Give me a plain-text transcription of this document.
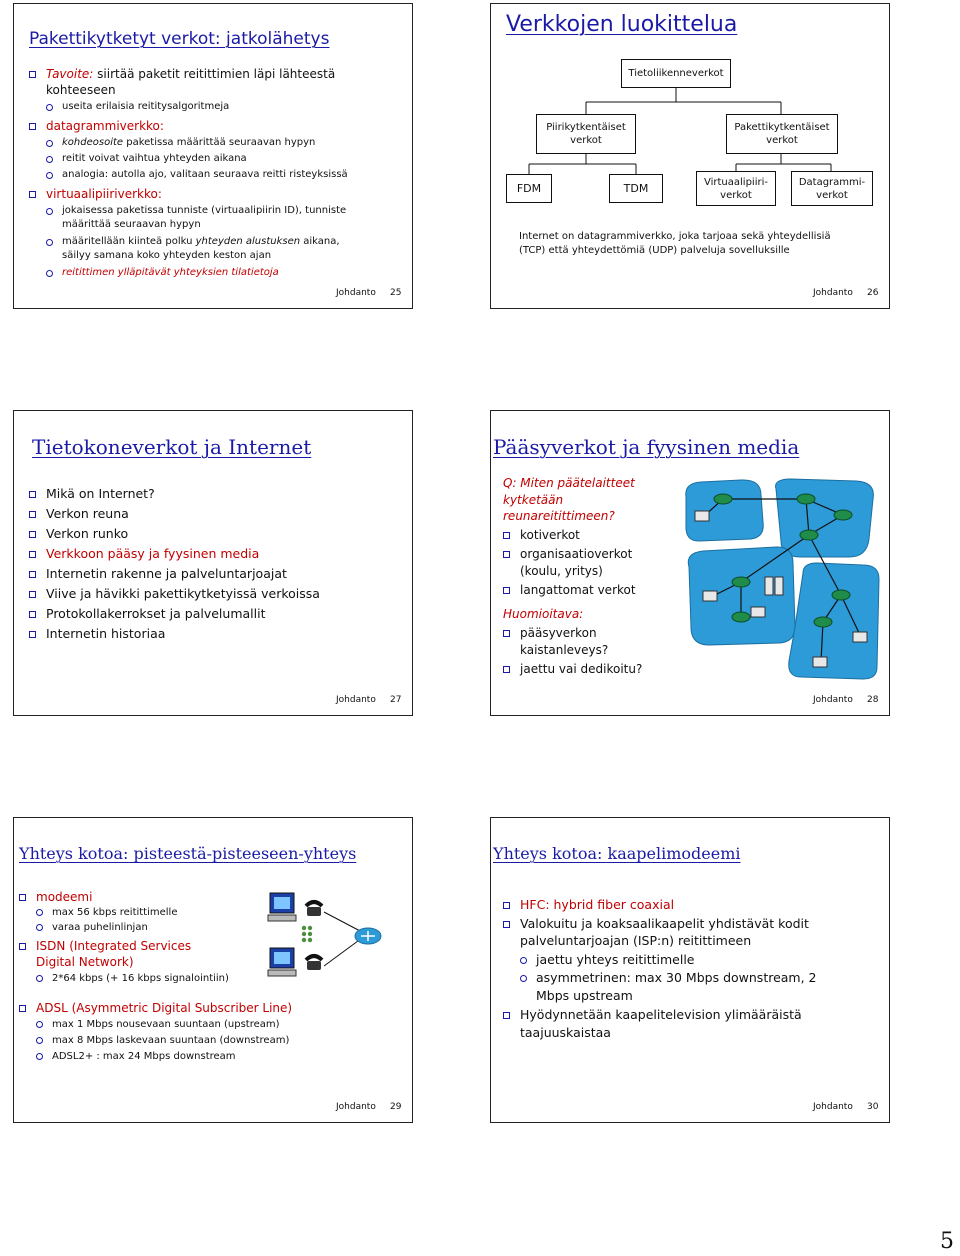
Pakettikytketyt verkot: jatkolähetys
Tavoite: siirtää paketit reitittimien läpi lähteestä kohteeseen
useita erilaisia reititysalgoritmeja
datagrammiverkko:
kohdeosoite paketissa määrittää seuraavan hypyn
reitit voivat vaihtua yhteyden aikana
analogia: autolla ajo, valitaan seuraava reitti risteyksissä
virtuaalipiiriverkko:
jokaisessa paketissa tunniste (virtuaalipiirin ID), tunniste määrittää seuraavan hypyn
määritellään kiinteä polku yhteyden alustuksen aikana, säilyy samana koko yhteyden keston ajan
reitittimen ylläpitävät yhteyksien tilatietoja
Johdanto 25
Verkkojen luokittelua
Tietoliikenneverkot
Piirikytkentäiset verkot
Pakettikytkentäiset verkot
FDM	TDM	Virtuaalipiiri-verkot
Datagrammi-verkot
Internet on datagrammiverkko, joka tarjoaa sekä yhteydellisiä (TCP) että yhteydettömiä (UDP) palveluja sovelluksille
Johdanto 26
Tietokoneverkot ja Internet
Mikä on Internet?
Verkon reuna
Verkon runko
Verkkoon pääsy ja fyysinen media
Internetin rakenne ja palveluntarjoajat
Viive ja hävikki pakettikytketyissä verkoissa
Protokollakerrokset ja palvelumallit
Internetin historiaa
Johdanto 27
Pääsyverkot ja fyysinen media
Q: Miten päätelaitteet kytketään reunareitittimeen?
kotiverkot
organisaatioverkot (koulu, yritys)
langattomat verkot
Huomioitava:
pääsyverkon kaistanleveys?
jaettu vai dedikoitu?
Johdanto 28
Yhteys kotoa: pisteestä-pisteeseen-yhteys
modeemi
max 56 kbps reitittimelle
varaa puhelinlinjan
ISDN (Integrated Services Digital Network)
2*64 kbps (+ 16 kbps signalointiin)
ADSL (Asymmetric Digital Subscriber Line)
max 1 Mbps nousevaan suuntaan (upstream)
max 8 Mbps laskevaan suuntaan (downstream)
ADSL2+ : max 24 Mbps downstream
Johdanto 29
Yhteys kotoa: kaapelimodeemi
HFC: hybrid fiber coaxial
Valokuitu ja koaksaalikaapelit yhdistävät kodit palveluntarjoajan (ISP:n) reitittimeen
jaettu yhteys reitittimelle
asymmetrinen: max 30 Mbps downstream, 2 Mbps upstream
Hyödynnetään kaapelitelevision ylimääräistä taajuuskaistaa
Johdanto 30
5
